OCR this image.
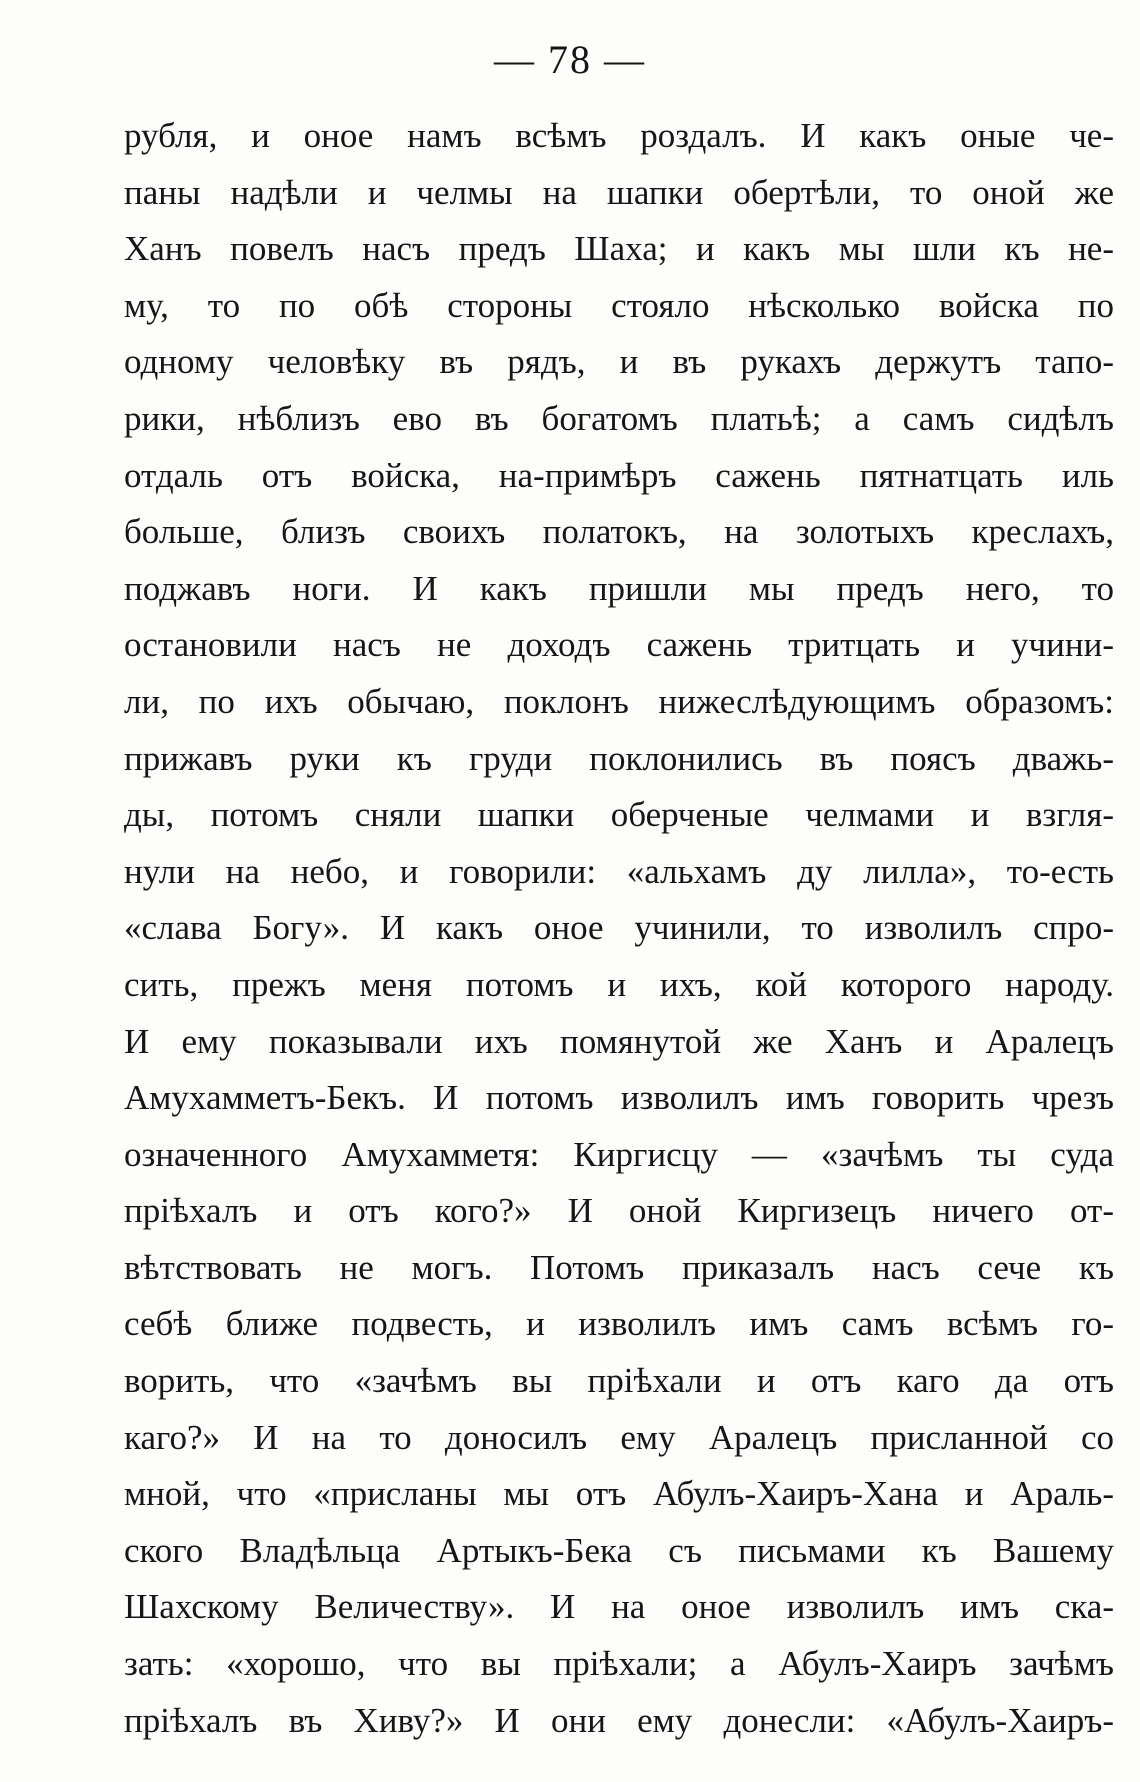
— 78 —
рубля, и оное намъ всѣмъ роздалъ. И какъ оные че-
паны надѣли и челмы на шапки обертѣли, то оной же
Ханъ повелъ насъ предъ Шаха; и какъ мы шли къ не-
му, то по обѣ стороны стояло нѣсколько войска по
одному человѣку въ рядъ, и въ рукахъ держутъ тапо-
рики, нѣблизъ ево въ богатомъ платьѣ; а самъ сидѣлъ
отдаль отъ войска, на-примѣръ сажень пятнатцать иль
больше, близъ своихъ полатокъ, на золотыхъ креслахъ,
поджавъ ноги. И какъ пришли мы предъ него, то
остановили насъ не доходъ сажень тритцать и учини-
ли, по ихъ обычаю, поклонъ нижеслѣдующимъ образомъ:
прижавъ руки къ груди поклонились въ поясъ дважь-
ды, потомъ сняли шапки оберченые челмами и взгля-
нули на небо, и говорили: «альхамъ ду лилла», то-есть
«слава Богу». И какъ оное учинили, то изволилъ спро-
сить, прежъ меня потомъ и ихъ, кой которого народу.
И ему показывали ихъ помянутой же Ханъ и Аралецъ
Амухамметъ-Бекъ. И потомъ изволилъ имъ говорить чрезъ
означенного Амухамметя: Киргисцу — «зачѣмъ ты суда
пріѣхалъ и отъ кого?» И оной Киргизецъ ничего от-
вѣтствовать не могъ. Потомъ приказалъ насъ сече къ
себѣ ближе подвесть, и изволилъ имъ самъ всѣмъ го-
ворить, что «зачѣмъ вы пріѣхали и отъ каго да отъ
каго?» И на то доносилъ ему Аралецъ присланной со
мной, что «присланы мы отъ Абулъ-Хаиръ-Хана и Араль-
ского Владѣльца Артыкъ-Бека съ письмами къ Вашему
Шахскому Величеству». И на оное изволилъ имъ ска-
зать: «хорошо, что вы пріѣхали; а Абулъ-Хаиръ зачѣмъ
пріѣхалъ въ Хиву?» И они ему донесли: «Абулъ-Хаиръ-
